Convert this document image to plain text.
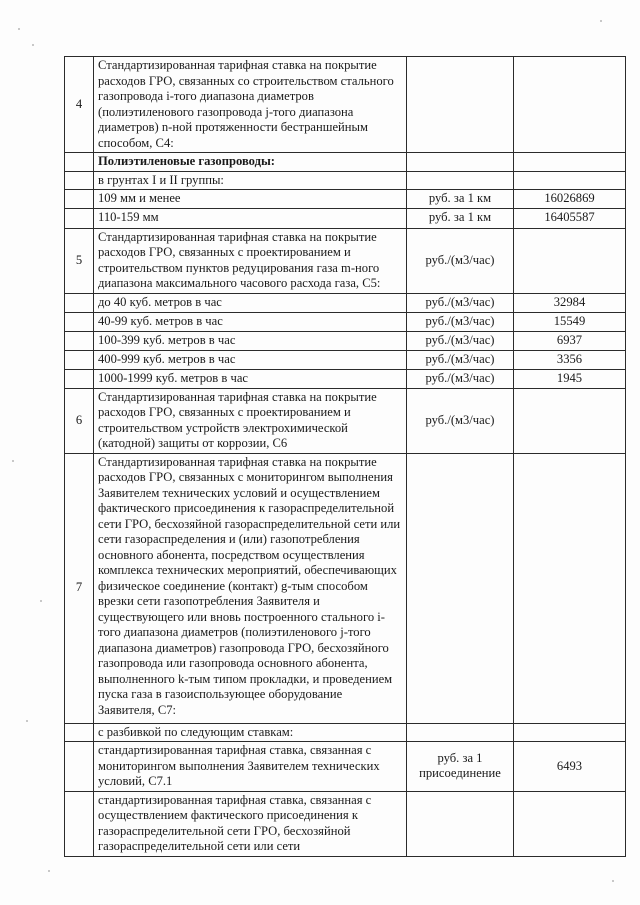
4	Стандартизированная тарифная ставка на покрытие расходов ГРО, связанных со строительством стального газопровода i-того диапазона диаметров (полиэтиленового газопровода j-того диапазона диаметров) n-ной протяженности бестраншейным способом, С4:		
	Полиэтиленовые газопроводы:		
	в грунтах I и II группы:		
	109 мм и менее	руб. за 1 км	16026869
	110-159 мм	руб. за 1 км	16405587
5	Стандартизированная тарифная ставка на покрытие расходов ГРО, связанных с проектированием и строительством пунктов редуцирования газа m-ного диапазона максимального часового расхода газа, С5:	руб./(м3/час)	
	до 40 куб. метров в час	руб./(м3/час)	32984
	40-99 куб. метров в час	руб./(м3/час)	15549
	100-399 куб. метров в час	руб./(м3/час)	6937
	400-999 куб. метров в час	руб./(м3/час)	3356
	1000-1999 куб. метров в час	руб./(м3/час)	1945
6	Стандартизированная тарифная ставка на покрытие расходов ГРО, связанных с проектированием и строительством устройств электрохимической (катодной) защиты от коррозии, С6	руб./(м3/час)	
7	Стандартизированная тарифная ставка на покрытие расходов ГРО, связанных с мониторингом выполнения Заявителем технических условий и осуществлением фактического присоединения к газораспределительной сети ГРО, бесхозяйной газораспределительной сети или сети газораспределения и (или) газопотребления основного абонента, посредством осуществления комплекса технических мероприятий, обеспечивающих физическое соединение (контакт) g-тым способом врезки сети газопотребления Заявителя и существующего или вновь построенного стального i-того диапазона диаметров (полиэтиленового j-того диапазона диаметров) газопровода ГРО, бесхозяйного газопровода или газопровода основного абонента, выполненного k-тым типом прокладки, и проведением пуска газа в газоиспользующее оборудование Заявителя, С7:		
	с разбивкой по следующим ставкам:		
	стандартизированная тарифная ставка, связанная с мониторингом выполнения Заявителем технических условий, С7.1	руб. за 1 присоединение	6493
	стандартизированная тарифная ставка, связанная с осуществлением фактического присоединения к газораспределительной сети ГРО, бесхозяйной газораспределительной сети или сети		
